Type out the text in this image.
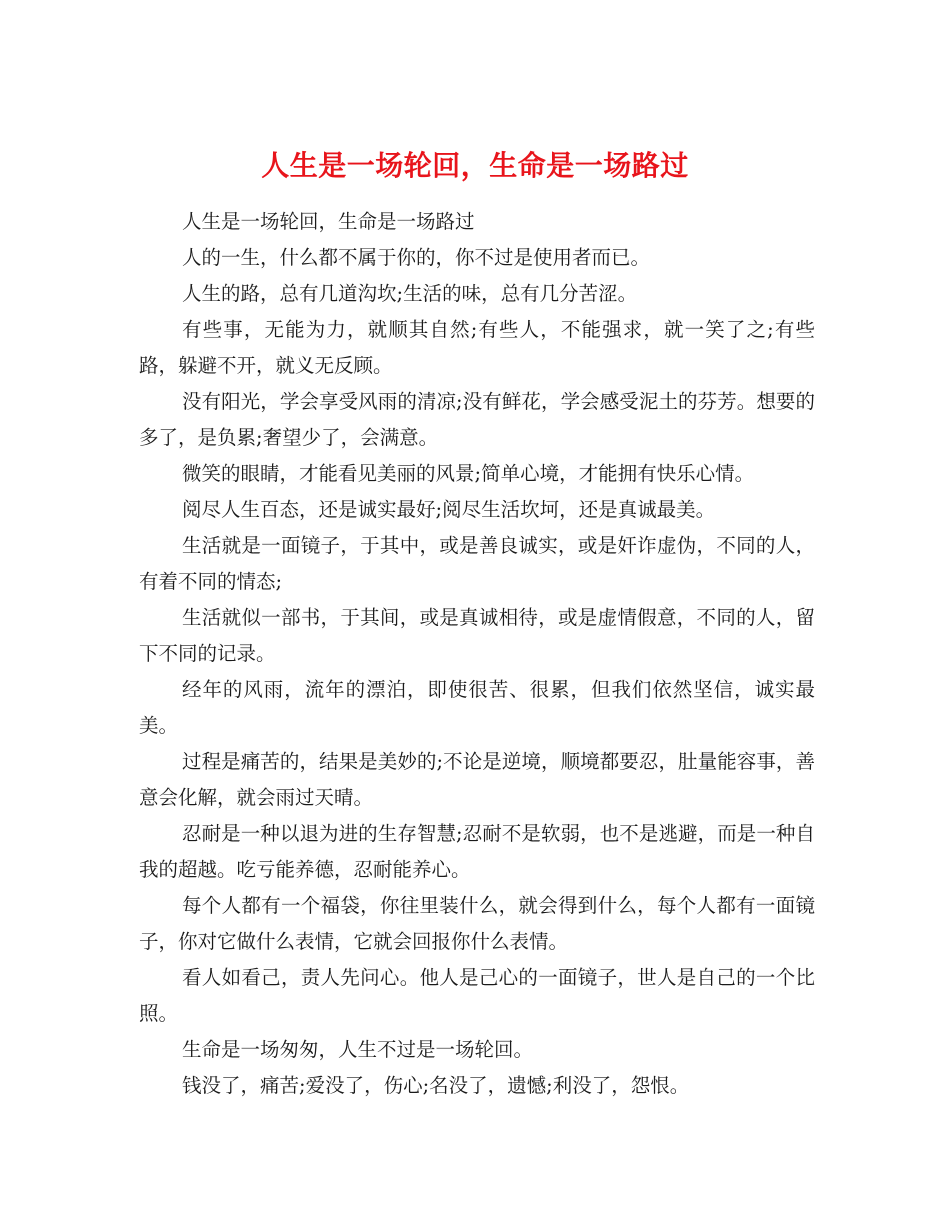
人生是一场轮回，生命是一场路过

人生是一场轮回，生命是一场路过

人的一生，什么都不属于你的，你不过是使用者而已。

人生的路，总有几道沟坎;生活的味，总有几分苦涩。

有些事，无能为力，就顺其自然;有些人，不能强求，就一笑了之;有些路，躲避不开，就义无反顾。

没有阳光，学会享受风雨的清凉;没有鲜花，学会感受泥土的芬芳。想要的多了，是负累;奢望少了，会满意。

微笑的眼睛，才能看见美丽的风景;简单心境，才能拥有快乐心情。

阅尽人生百态，还是诚实最好;阅尽生活坎坷，还是真诚最美。

生活就是一面镜子，于其中，或是善良诚实，或是奸诈虚伪，不同的人，有着不同的情态;

生活就似一部书，于其间，或是真诚相待，或是虚情假意，不同的人，留下不同的记录。

经年的风雨，流年的漂泊，即使很苦、很累，但我们依然坚信，诚实最美。

过程是痛苦的，结果是美妙的;不论是逆境，顺境都要忍，肚量能容事，善意会化解，就会雨过天晴。

忍耐是一种以退为进的生存智慧;忍耐不是软弱，也不是逃避，而是一种自我的超越。吃亏能养德，忍耐能养心。

每个人都有一个福袋，你往里装什么，就会得到什么，每个人都有一面镜子，你对它做什么表情，它就会回报你什么表情。

看人如看己，责人先问心。他人是己心的一面镜子，世人是自己的一个比照。

生命是一场匆匆，人生不过是一场轮回。

钱没了，痛苦;爱没了，伤心;名没了，遗憾;利没了，怨恨。
